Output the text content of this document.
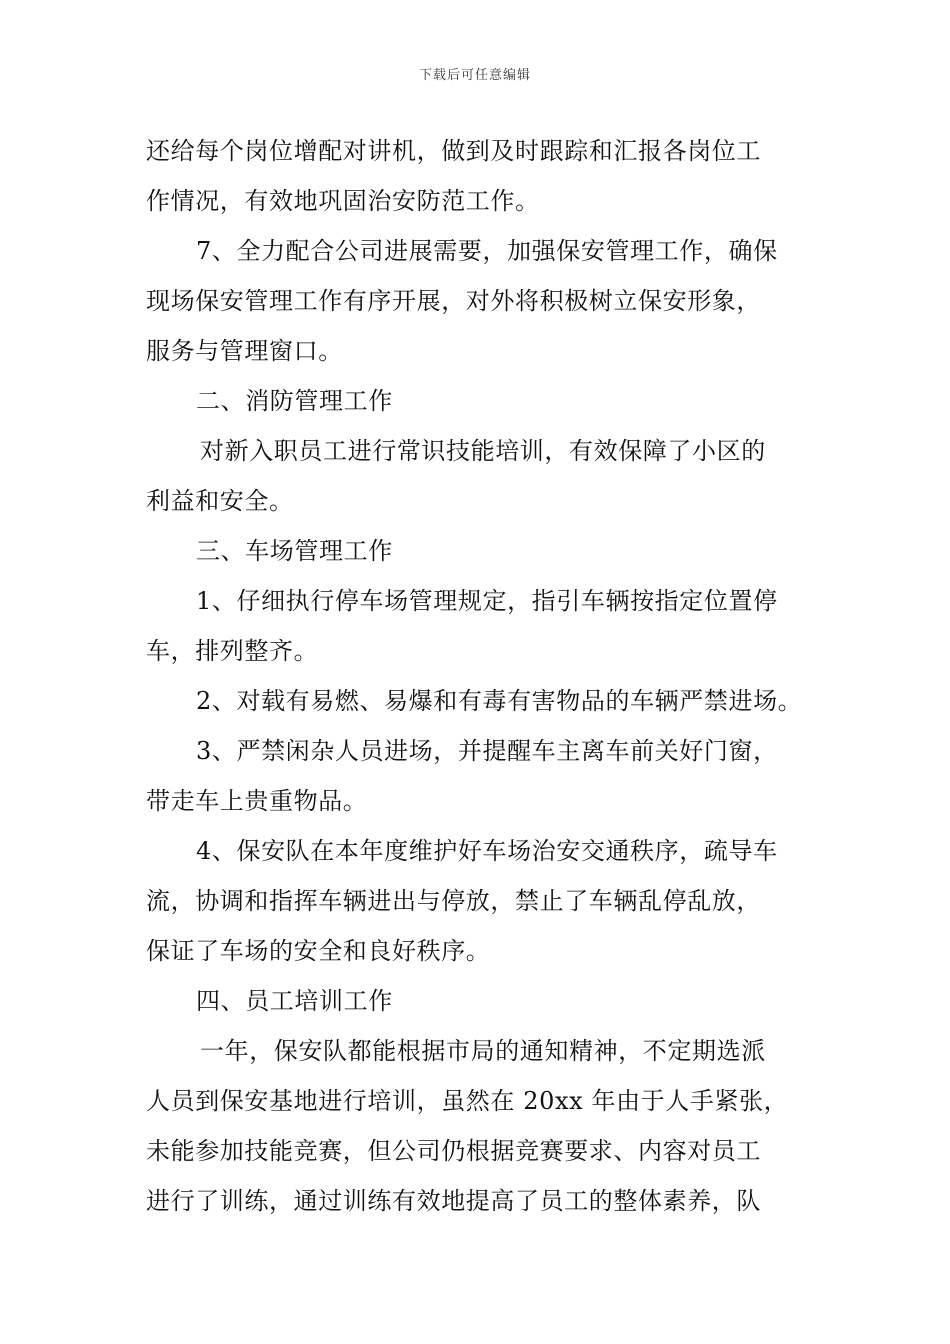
下载后可任意编辑
还给每个岗位增配对讲机，做到及时跟踪和汇报各岗位工
作情况，有效地巩固治安防范工作。
7、全力配合公司进展需要，加强保安管理工作，确保
现场保安管理工作有序开展，对外将积极树立保安形象，
服务与管理窗口。
二、消防管理工作
对新入职员工进行常识技能培训，有效保障了小区的
利益和安全。
三、车场管理工作
1、仔细执行停车场管理规定，指引车辆按指定位置停
车，排列整齐。
2、对载有易燃、易爆和有毒有害物品的车辆严禁进场。
3、严禁闲杂人员进场，并提醒车主离车前关好门窗，
带走车上贵重物品。
4、保安队在本年度维护好车场治安交通秩序，疏导车
流，协调和指挥车辆进出与停放，禁止了车辆乱停乱放，
保证了车场的安全和良好秩序。
四、员工培训工作
一年，保安队都能根据市局的通知精神，不定期选派
人员到保安基地进行培训，虽然在 20xx 年由于人手紧张，
未能参加技能竞赛，但公司仍根据竞赛要求、内容对员工
进行了训练，通过训练有效地提高了员工的整体素养，队
